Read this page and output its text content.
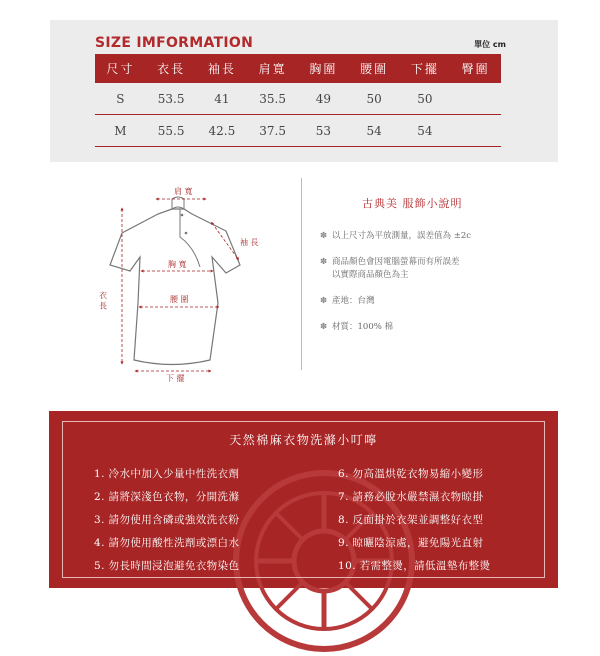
SIZE IMFORMATION	單位 cm
尺寸	衣長	袖長	肩寬	胸圍	腰圍	下擺	臀圍
S	53.5	41	35.5	49	50	50	
M	55.5	42.5	37.5	53	54	54	
肩 寬
袖 長
胸 寬
腰 圍
衣 長
下 擺
古典美 服飾小說明
✽ 以上尺寸為平放測量，誤差值為 ±2c
✽ 商品顏色會因電腦螢幕而有所誤差
以實際商品顏色為主
✽ 產地：台灣
✽ 材質：100% 棉
天然棉麻衣物洗滌小叮嚀
1. 冷水中加入少量中性洗衣劑
2. 請將深淺色衣物，分開洗滌
3. 請勿使用含磷或強效洗衣粉
4. 請勿使用酸性洗劑或漂白水
5. 勿長時間浸泡避免衣物染色
6. 勿高溫烘乾衣物易縮小變形
7. 請務必脫水嚴禁濕衣物晾掛
8. 反面掛於衣架並調整好衣型
9. 晾曬陰涼處，避免陽光直射
10. 若需整燙，請低溫墊布整燙
